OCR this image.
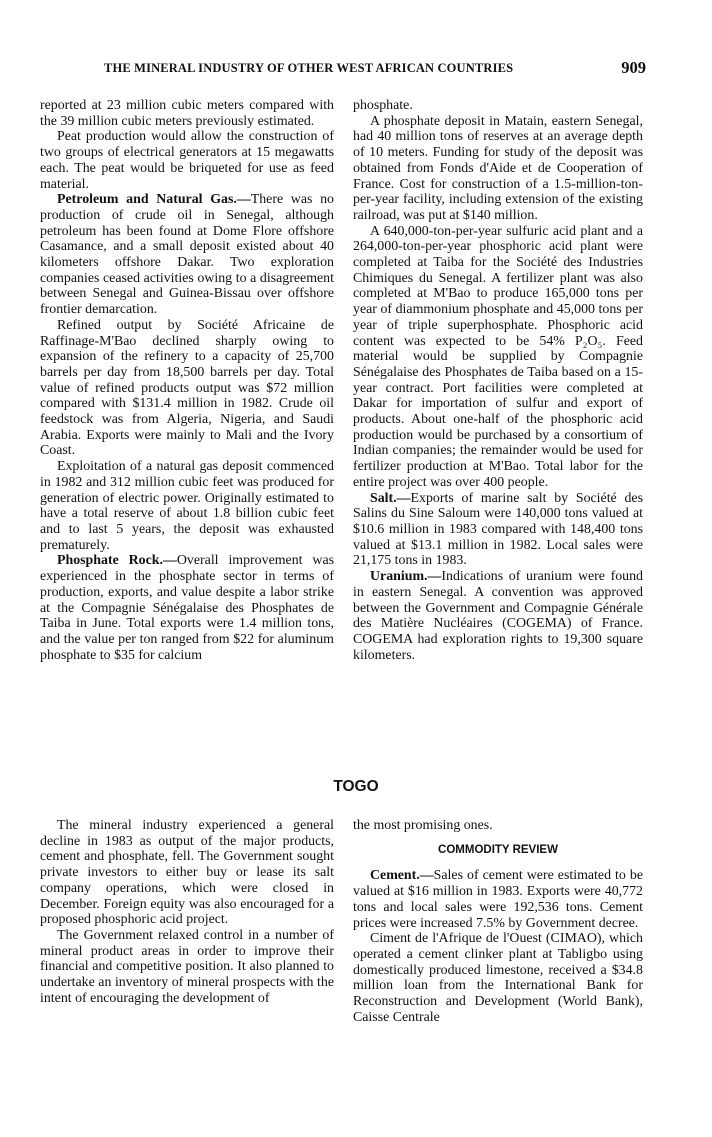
THE MINERAL INDUSTRY OF OTHER WEST AFRICAN COUNTRIES	909

reported at 23 million cubic meters compared with the 39 million cubic meters previously estimated.

Peat production would allow the construction of two groups of electrical generators at 15 megawatts each. The peat would be briqueted for use as feed material.

Petroleum and Natural Gas.—There was no production of crude oil in Senegal, although petroleum has been found at Dome Flore offshore Casamance, and a small deposit existed about 40 kilometers offshore Dakar. Two exploration companies ceased activities owing to a disagreement between Senegal and Guinea-Bissau over offshore frontier demarcation.

Refined output by Société Africaine de Raffinage-M'Bao declined sharply owing to expansion of the refinery to a capacity of 25,700 barrels per day from 18,500 barrels per day. Total value of refined products output was $72 million compared with $131.4 million in 1982. Crude oil feedstock was from Algeria, Nigeria, and Saudi Arabia. Exports were mainly to Mali and the Ivory Coast.

Exploitation of a natural gas deposit commenced in 1982 and 312 million cubic feet was produced for generation of electric power. Originally estimated to have a total reserve of about 1.8 billion cubic feet and to last 5 years, the deposit was exhausted prematurely.

Phosphate Rock.—Overall improvement was experienced in the phosphate sector in terms of production, exports, and value despite a labor strike at the Compagnie Sénégalaise des Phosphates de Taiba in June. Total exports were 1.4 million tons, and the value per ton ranged from $22 for aluminum phosphate to $35 for calcium

phosphate.

A phosphate deposit in Matain, eastern Senegal, had 40 million tons of reserves at an average depth of 10 meters. Funding for study of the deposit was obtained from Fonds d'Aide et de Cooperation of France. Cost for construction of a 1.5-million-ton-per-year facility, including extension of the existing railroad, was put at $140 million.

A 640,000-ton-per-year sulfuric acid plant and a 264,000-ton-per-year phosphoric acid plant were completed at Taiba for the Société des Industries Chimiques du Senegal. A fertilizer plant was also completed at M'Bao to produce 165,000 tons per year of diammonium phosphate and 45,000 tons per year of triple superphosphate. Phosphoric acid content was expected to be 54% P₂O₅. Feed material would be supplied by Compagnie Sénégalaise des Phosphates de Taiba based on a 15-year contract. Port facilities were completed at Dakar for importation of sulfur and export of products. About one-half of the phosphoric acid production would be purchased by a consortium of Indian companies; the remainder would be used for fertilizer production at M'Bao. Total labor for the entire project was over 400 people.

Salt.—Exports of marine salt by Société des Salins du Sine Saloum were 140,000 tons valued at $10.6 million in 1983 compared with 148,400 tons valued at $13.1 million in 1982. Local sales were 21,175 tons in 1983.

Uranium.—Indications of uranium were found in eastern Senegal. A convention was approved between the Government and Compagnie Générale des Matière Nucléaires (COGEMA) of France. COGEMA had exploration rights to 19,300 square kilometers.

TOGO

The mineral industry experienced a general decline in 1983 as output of the major products, cement and phosphate, fell. The Government sought private investors to either buy or lease its salt company operations, which were closed in December. Foreign equity was also encouraged for a proposed phosphoric acid project.

The Government relaxed control in a number of mineral product areas in order to improve their financial and competitive position. It also planned to undertake an inventory of mineral prospects with the intent of encouraging the development of

the most promising ones.

COMMODITY REVIEW

Cement.—Sales of cement were estimated to be valued at $16 million in 1983. Exports were 40,772 tons and local sales were 192,536 tons. Cement prices were increased 7.5% by Government decree.

Ciment de l'Afrique de l'Ouest (CIMAO), which operated a cement clinker plant at Tabligbo using domestically produced limestone, received a $34.8 million loan from the International Bank for Reconstruction and Development (World Bank), Caisse Centrale
